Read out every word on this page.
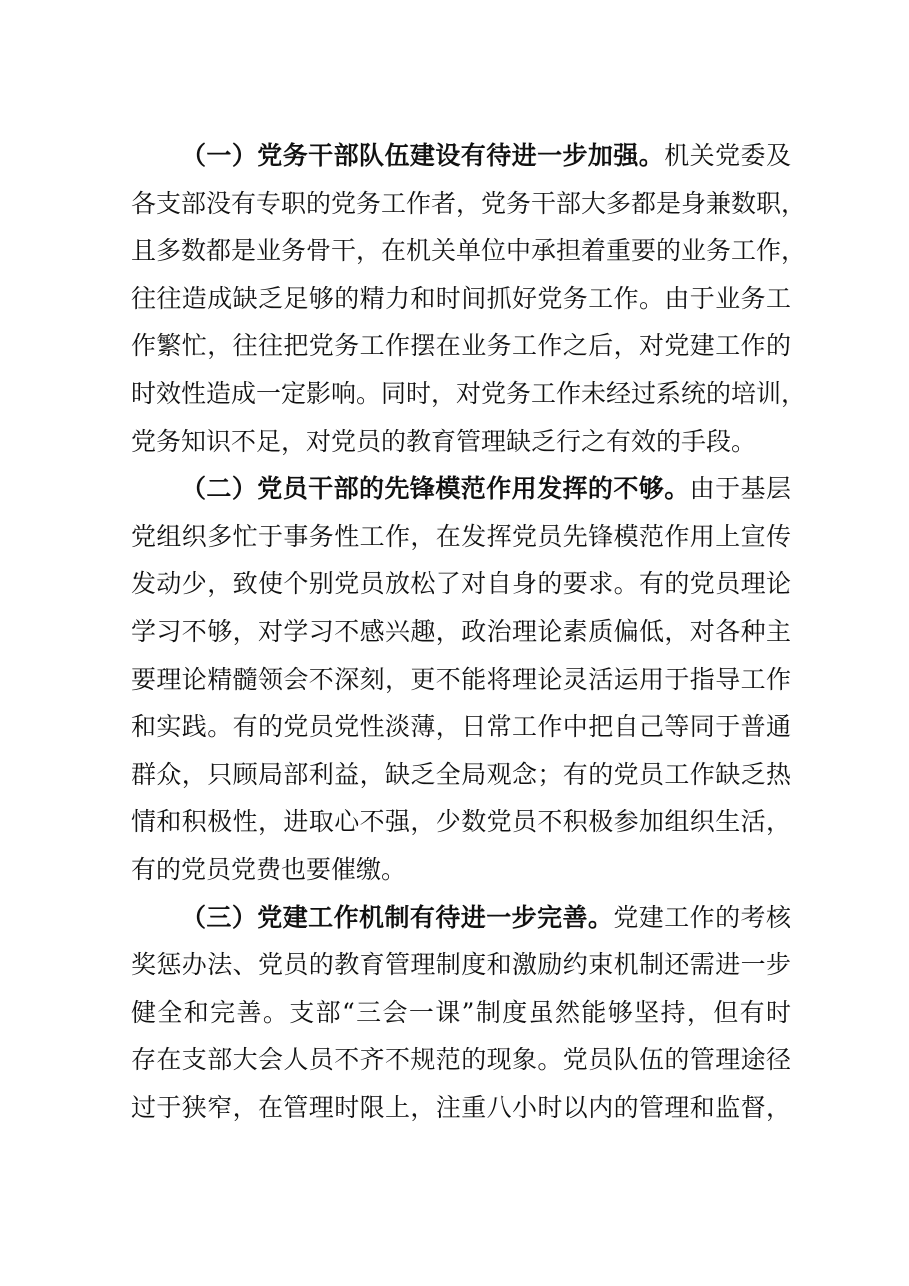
（一）党务干部队伍建设有待进一步加强。机关党委及
各支部没有专职的党务工作者，党务干部大多都是身兼数职，
且多数都是业务骨干，在机关单位中承担着重要的业务工作，
往往造成缺乏足够的精力和时间抓好党务工作。由于业务工
作繁忙，往往把党务工作摆在业务工作之后，对党建工作的
时效性造成一定影响。同时，对党务工作未经过系统的培训，
党务知识不足，对党员的教育管理缺乏行之有效的手段。

（二）党员干部的先锋模范作用发挥的不够。由于基层
党组织多忙于事务性工作，在发挥党员先锋模范作用上宣传
发动少，致使个别党员放松了对自身的要求。有的党员理论
学习不够，对学习不感兴趣，政治理论素质偏低，对各种主
要理论精髓领会不深刻，更不能将理论灵活运用于指导工作
和实践。有的党员党性淡薄，日常工作中把自己等同于普通
群众，只顾局部利益，缺乏全局观念；有的党员工作缺乏热
情和积极性，进取心不强，少数党员不积极参加组织生活，
有的党员党费也要催缴。

（三）党建工作机制有待进一步完善。党建工作的考核
奖惩办法、党员的教育管理制度和激励约束机制还需进一步
健全和完善。支部“三会一课”制度虽然能够坚持，但有时
存在支部大会人员不齐不规范的现象。党员队伍的管理途径
过于狭窄，在管理时限上，注重八小时以内的管理和监督，
